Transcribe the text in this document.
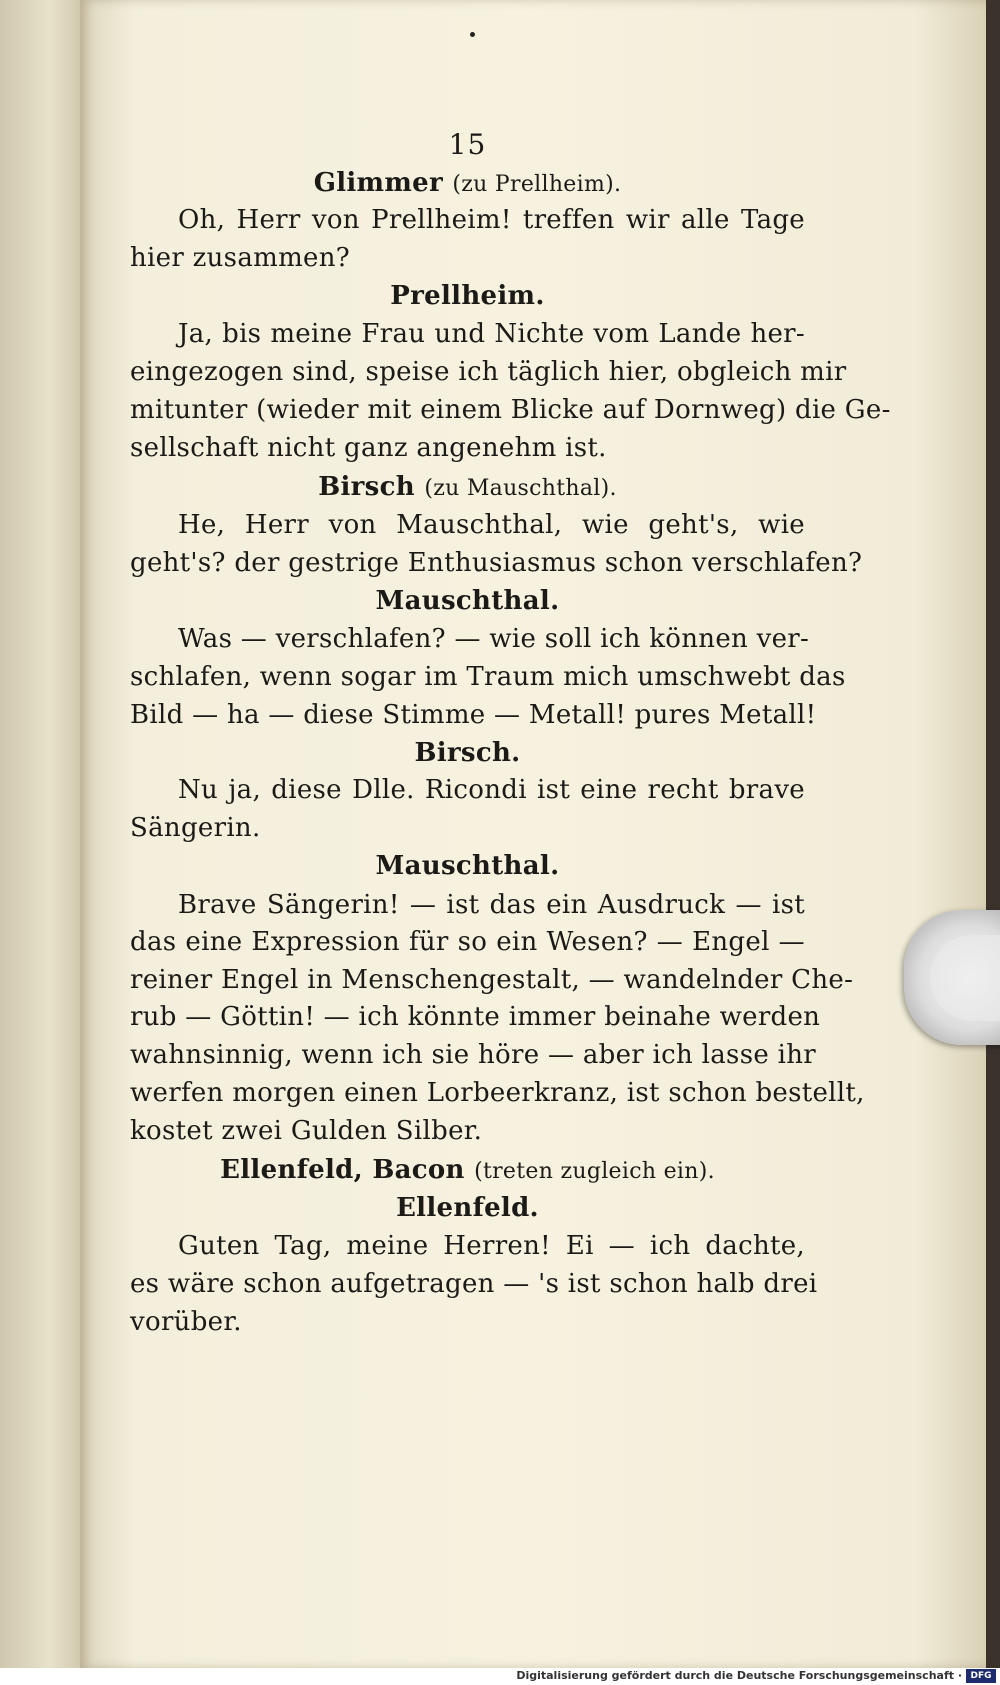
15
Glimmer (zu Prellheim).
Oh, Herr von Prellheim! treffen wir alle Tage
hier zusammen?
Prellheim.
Ja, bis meine Frau und Nichte vom Lande her-
eingezogen sind, speise ich täglich hier, obgleich mir
mitunter (wieder mit einem Blicke auf Dornweg) die Ge-
sellschaft nicht ganz angenehm ist.
Birsch (zu Mauschthal).
He, Herr von Mauschthal, wie geht's, wie
geht's? der gestrige Enthusiasmus schon verschlafen?
Mauschthal.
Was — verschlafen? — wie soll ich können ver-
schlafen, wenn sogar im Traum mich umschwebt das
Bild — ha — diese Stimme — Metall! pures Metall!
Birsch.
Nu ja, diese Dlle. Ricondi ist eine recht brave
Sängerin.
Mauschthal.
Brave Sängerin! — ist das ein Ausdruck — ist
das eine Expression für so ein Wesen? — Engel —
reiner Engel in Menschengestalt, — wandelnder Che-
rub — Göttin! — ich könnte immer beinahe werden
wahnsinnig, wenn ich sie höre — aber ich lasse ihr
werfen morgen einen Lorbeerkranz, ist schon bestellt,
kostet zwei Gulden Silber.
Ellenfeld, Bacon (treten zugleich ein).
Ellenfeld.
Guten Tag, meine Herren! Ei — ich dachte,
es wäre schon aufgetragen — 's ist schon halb drei
vorüber.
Digitalisierung gefördert durch die Deutsche Forschungsgemeinschaft · DFG
